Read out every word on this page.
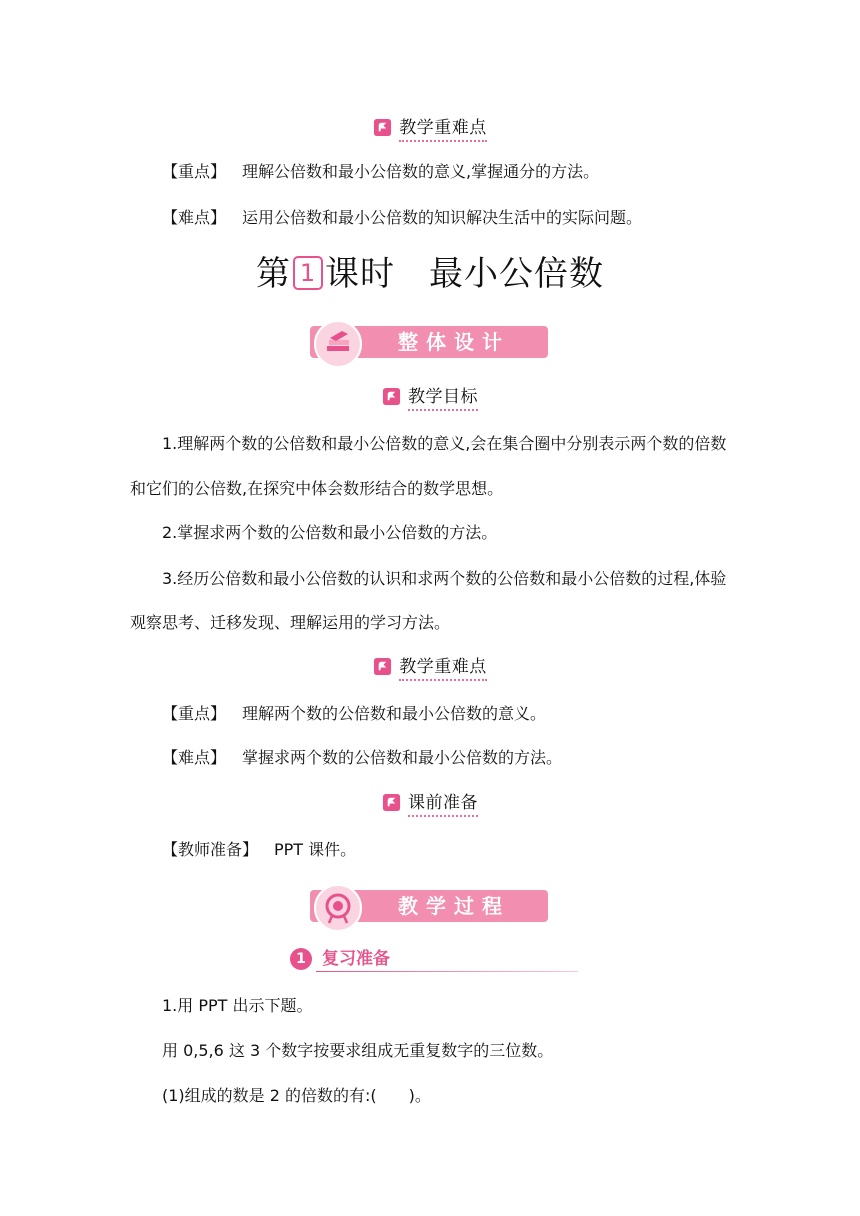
教学重难点
【重点】 理解公倍数和最小公倍数的意义,掌握通分的方法。
【难点】 运用公倍数和最小公倍数的知识解决生活中的实际问题。
第 1 课时 最小公倍数
整体设计
教学目标
1.理解两个数的公倍数和最小公倍数的意义,会在集合圈中分别表示两个数的倍数
和它们的公倍数,在探究中体会数形结合的数学思想。
2.掌握求两个数的公倍数和最小公倍数的方法。
3.经历公倍数和最小公倍数的认识和求两个数的公倍数和最小公倍数的过程,体验
观察思考、迁移发现、理解运用的学习方法。
教学重难点
【重点】 理解两个数的公倍数和最小公倍数的意义。
【难点】 掌握求两个数的公倍数和最小公倍数的方法。
课前准备
【教师准备】 PPT 课件。
教学过程
1 复习准备
1.用 PPT 出示下题。
用 0,5,6 这 3 个数字按要求组成无重复数字的三位数。
(1)组成的数是 2 的倍数的有:(　　)。
